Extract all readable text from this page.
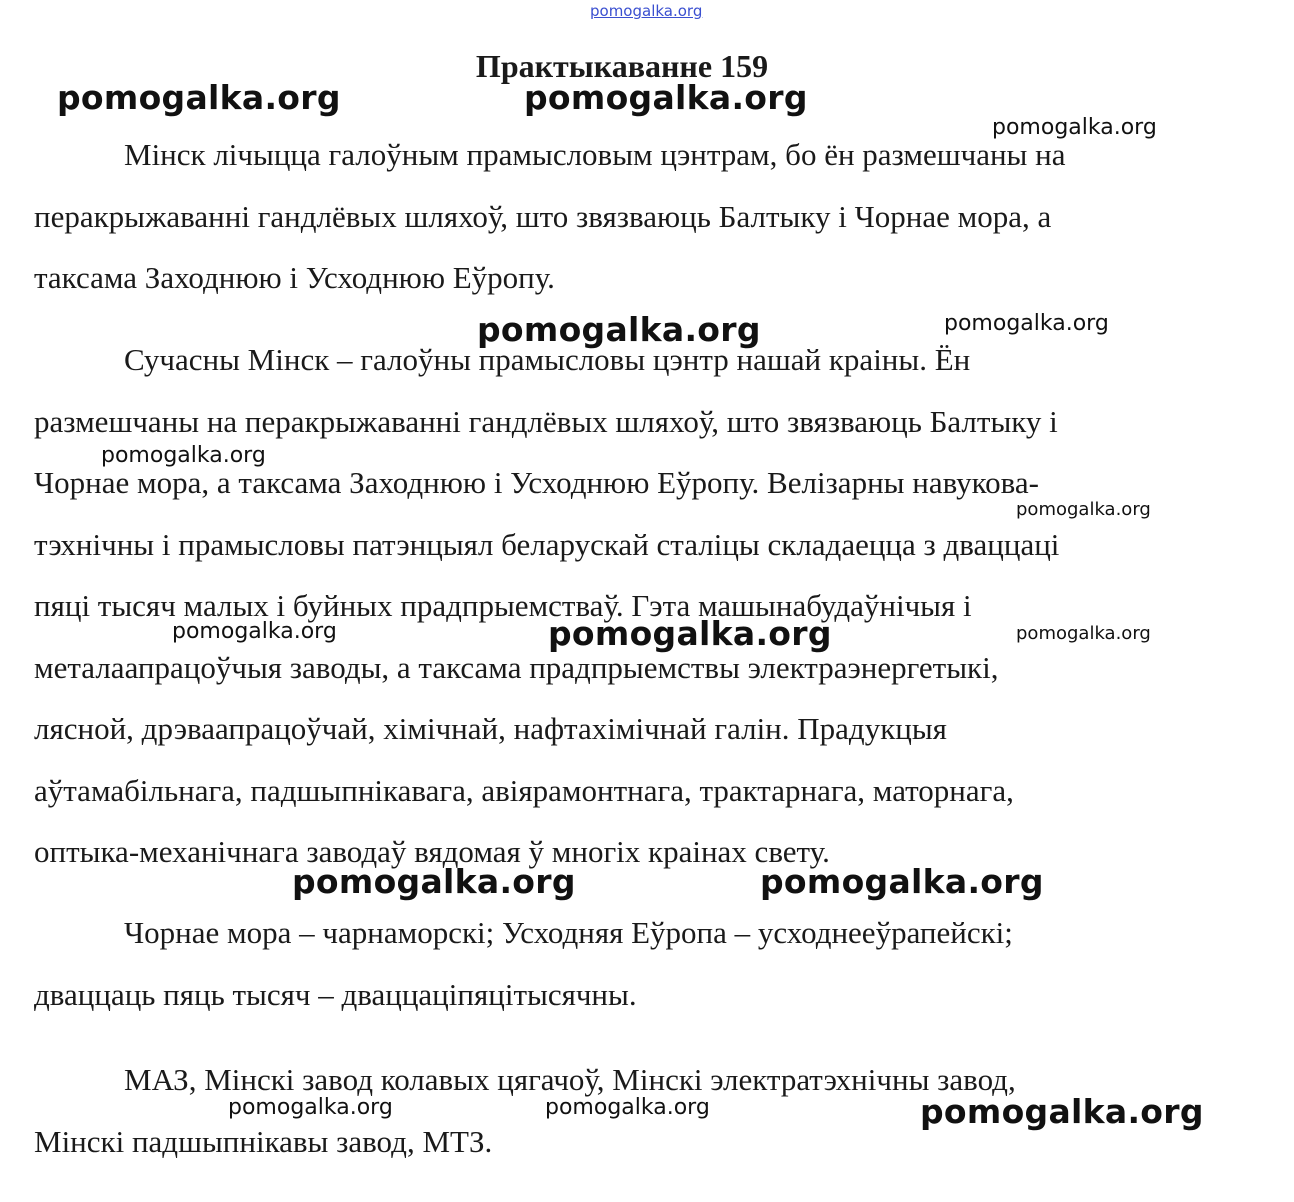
pomogalka.org
Практыкаванне 159
Мінск лічыцца галоўным прамысловым цэнтрам, бо ён размешчаны на
перакрыжаванні гандлёвых шляхоў, што звязваюць Балтыку і Чорнае мора, а
таксама Заходнюю і Усходнюю Еўропу.
Сучасны Мінск – галоўны прамысловы цэнтр нашай краіны. Ён
размешчаны на перакрыжаванні гандлёвых шляхоў, што звязваюць Балтыку і
Чорнае мора, а таксама Заходнюю і Усходнюю Еўропу. Велізарны навукова-
тэхнічны і прамысловы патэнцыял беларускай сталіцы складаецца з дваццаці
пяці тысяч малых і буйных прадпрыемстваў. Гэта машынабудаўнічыя і
металаапрацоўчыя заводы, а таксама прадпрыемствы электраэнергетыкі,
лясной, дрэваапрацоўчай, хімічнай, нафтахімічнай галін. Прадукцыя
аўтамабільнага, падшыпнікавага, авіярамонтнага, трактарнага, маторнага,
оптыка-механічнага заводаў вядомая ў многіх краінах свету.
Чорнае мора – чарнаморскі; Усходняя Еўропа – усходнееўрапейскі;
дваццаць пяць тысяч – дваццаціпяцітысячны.
МАЗ, Мінскі завод колавых цягачоў, Мінскі электратэхнічны завод,
Мінскі падшыпнікавы завод, МТЗ.
pomogalka.org	pomogalka.org
pomogalka.org
pomogalka.org	pomogalka.org
pomogalka.org
pomogalka.org
pomogalka.org	pomogalka.org	pomogalka.org
pomogalka.org	pomogalka.org
pomogalka.org	pomogalka.org	pomogalka.org
